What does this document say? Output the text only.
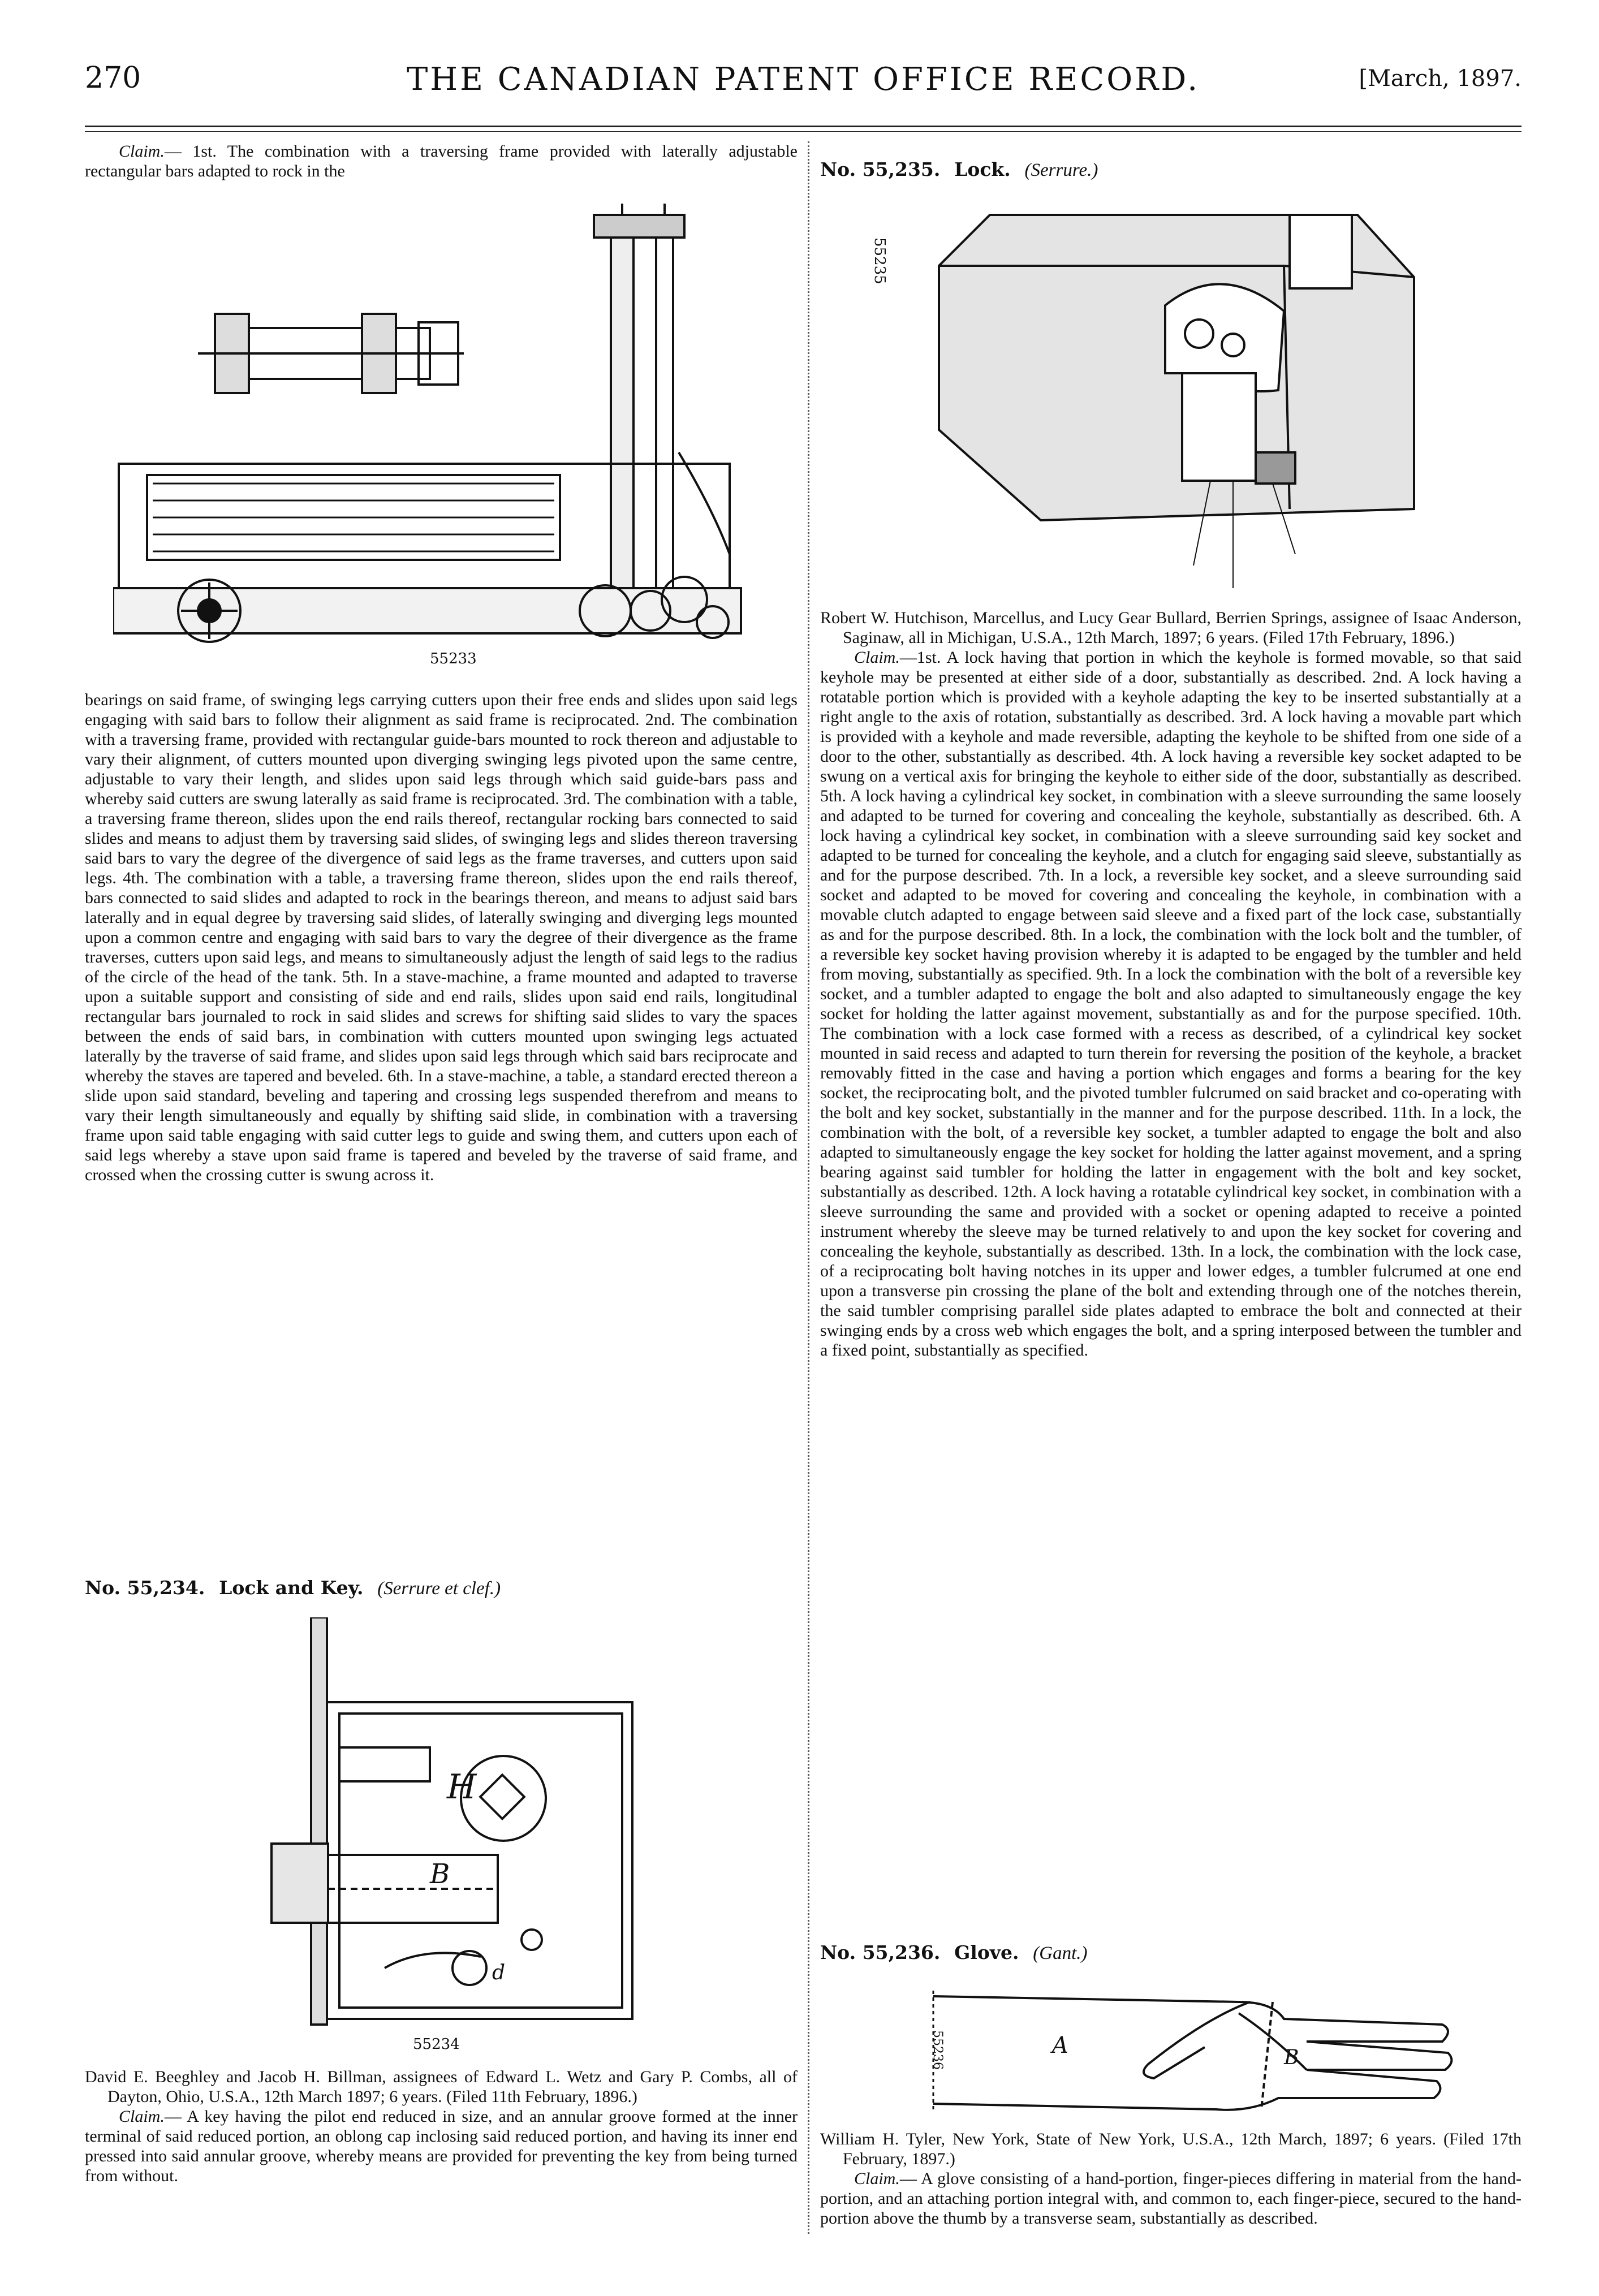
270	THE CANADIAN PATENT OFFICE RECORD.	[March, 1897.

Claim.— 1st. The combination with a traversing frame provided with laterally adjustable rectangular bars adapted to rock in the

55233

bearings on said frame, of swinging legs carrying cutters upon their free ends and slides upon said legs engaging with said bars to follow their alignment as said frame is reciprocated. 2nd. The combination with a traversing frame, provided with rectangular guide-bars mounted to rock thereon and adjustable to vary their alignment, of cutters mounted upon diverging swinging legs pivoted upon the same centre, adjustable to vary their length, and slides upon said legs through which said guide-bars pass and whereby said cutters are swung laterally as said frame is reciprocated. 3rd. The combination with a table, a traversing frame thereon, slides upon the end rails thereof, rectangular rocking bars connected to said slides and means to adjust them by traversing said slides, of swinging legs and slides thereon traversing said bars to vary the degree of the divergence of said legs as the frame traverses, and cutters upon said legs. 4th. The combination with a table, a traversing frame thereon, slides upon the end rails thereof, bars connected to said slides and adapted to rock in the bearings thereon, and means to adjust said bars laterally and in equal degree by traversing said slides, of laterally swinging and diverging legs mounted upon a common centre and engaging with said bars to vary the degree of their divergence as the frame traverses, cutters upon said legs, and means to simultaneously adjust the length of said legs to the radius of the circle of the head of the tank. 5th. In a stave-machine, a frame mounted and adapted to traverse upon a suitable support and consisting of side and end rails, slides upon said end rails, longitudinal rectangular bars journaled to rock in said slides and screws for shifting said slides to vary the spaces between the ends of said bars, in combination with cutters mounted upon swinging legs actuated laterally by the traverse of said frame, and slides upon said legs through which said bars reciprocate and whereby the staves are tapered and beveled. 6th. In a stave-machine, a table, a standard erected thereon a slide upon said standard, beveling and tapering and crossing legs suspended therefrom and means to vary their length simultaneously and equally by shifting said slide, in combination with a traversing frame upon said table engaging with said cutter legs to guide and swing them, and cutters upon each of said legs whereby a stave upon said frame is tapered and beveled by the traverse of said frame, and crossed when the crossing cutter is swung across it.

No. 55,234. Lock and Key. (Serrure et clef.)

H
B
d
55234

David E. Beeghley and Jacob H. Billman, assignees of Edward L. Wetz and Gary P. Combs, all of Dayton, Ohio, U.S.A., 12th March 1897; 6 years. (Filed 11th February, 1896.)

Claim.— A key having the pilot end reduced in size, and an annular groove formed at the inner terminal of said reduced portion, an oblong cap inclosing said reduced portion, and having its inner end pressed into said annular groove, whereby means are provided for preventing the key from being turned from without.

No. 55,235. Lock. (Serrure.)

55235

Robert W. Hutchison, Marcellus, and Lucy Gear Bullard, Berrien Springs, assignee of Isaac Anderson, Saginaw, all in Michigan, U.S.A., 12th March, 1897; 6 years. (Filed 17th February, 1896.)

Claim.—1st. A lock having that portion in which the keyhole is formed movable, so that said keyhole may be presented at either side of a door, substantially as described. 2nd. A lock having a rotatable portion which is provided with a keyhole adapting the key to be inserted substantially at a right angle to the axis of rotation, substantially as described. 3rd. A lock having a movable part which is provided with a keyhole and made reversible, adapting the keyhole to be shifted from one side of a door to the other, substantially as described. 4th. A lock having a reversible key socket adapted to be swung on a vertical axis for bringing the keyhole to either side of the door, substantially as described. 5th. A lock having a cylindrical key socket, in combination with a sleeve surrounding the same loosely and adapted to be turned for covering and concealing the keyhole, substantially as described. 6th. A lock having a cylindrical key socket, in combination with a sleeve surrounding said key socket and adapted to be turned for concealing the keyhole, and a clutch for engaging said sleeve, substantially as and for the purpose described. 7th. In a lock, a reversible key socket, and a sleeve surrounding said socket and adapted to be moved for covering and concealing the keyhole, in combination with a movable clutch adapted to engage between said sleeve and a fixed part of the lock case, substantially as and for the purpose described. 8th. In a lock, the combination with the lock bolt and the tumbler, of a reversible key socket having provision whereby it is adapted to be engaged by the tumbler and held from moving, substantially as specified. 9th. In a lock the combination with the bolt of a reversible key socket, and a tumbler adapted to engage the bolt and also adapted to simultaneously engage the key socket for holding the latter against movement, substantially as and for the purpose specified. 10th. The combination with a lock case formed with a recess as described, of a cylindrical key socket mounted in said recess and adapted to turn therein for reversing the position of the keyhole, a bracket removably fitted in the case and having a portion which engages and forms a bearing for the key socket, the reciprocating bolt, and the pivoted tumbler fulcrumed on said bracket and co-operating with the bolt and key socket, substantially in the manner and for the purpose described. 11th. In a lock, the combination with the bolt, of a reversible key socket, a tumbler adapted to engage the bolt and also adapted to simultaneously engage the key socket for holding the latter against movement, and a spring bearing against said tumbler for holding the latter in engagement with the bolt and key socket, substantially as described. 12th. A lock having a rotatable cylindrical key socket, in combination with a sleeve surrounding the same and provided with a socket or opening adapted to receive a pointed instrument whereby the sleeve may be turned relatively to and upon the key socket for covering and concealing the keyhole, substantially as described. 13th. In a lock, the combination with the lock case, of a reciprocating bolt having notches in its upper and lower edges, a tumbler fulcrumed at one end upon a transverse pin crossing the plane of the bolt and extending through one of the notches therein, the said tumbler comprising parallel side plates adapted to embrace the bolt and connected at their swinging ends by a cross web which engages the bolt, and a spring interposed between the tumbler and a fixed point, substantially as specified.

No. 55,236. Glove. (Gant.)

A	B
55236

William H. Tyler, New York, State of New York, U.S.A., 12th March, 1897; 6 years. (Filed 17th February, 1897.)

Claim.— A glove consisting of a hand-portion, finger-pieces differing in material from the hand-portion, and an attaching portion integral with, and common to, each finger-piece, secured to the hand-portion above the thumb by a transverse seam, substantially as described.
